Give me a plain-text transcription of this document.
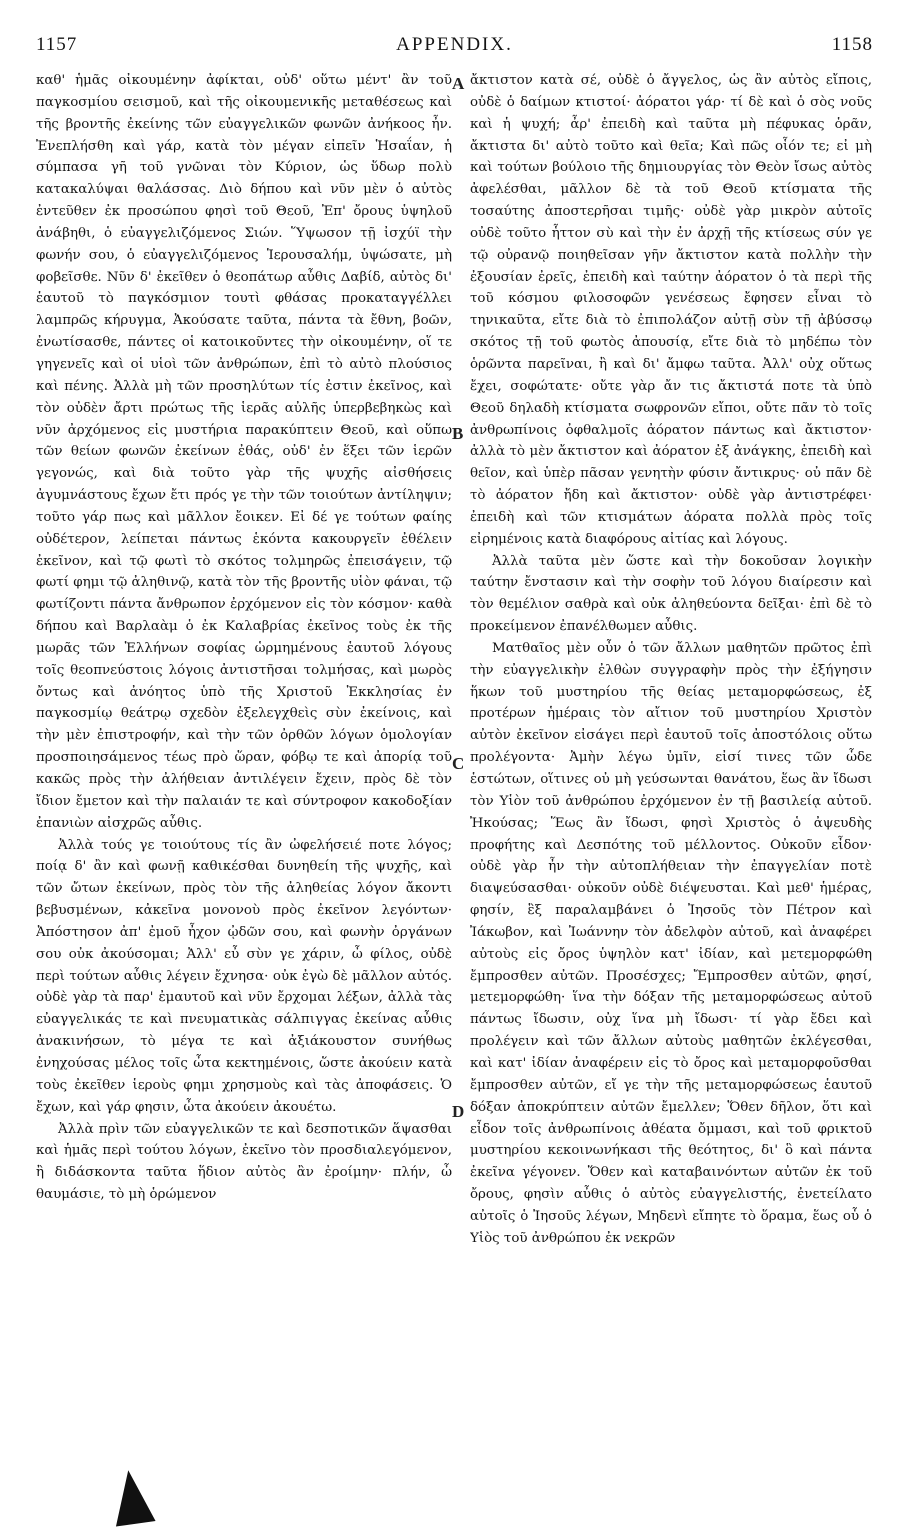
1157	APPENDIX.	1158
A
B
C
D

καθ' ἡμᾶς οἰκουμένην ἀφίκται, οὐδ' οὕτω μέντ' ἂν τοῦ παγκοσμίου σεισμοῦ, καὶ τῆς οἰκουμενικῆς μεταθέσεως καὶ τῆς βροντῆς ἐκείνης τῶν εὐαγγελικῶν φωνῶν ἀνήκοος ἦν. Ἐνεπλήσθη καὶ γάρ, κατὰ τὸν μέγαν εἰπεῖν Ἡσαΐαν, ἡ σύμπασα γῆ τοῦ γνῶναι τὸν Κύριον, ὡς ὕδωρ πολὺ κατακαλύψαι θαλάσσας. Διὸ δήπου καὶ νῦν μὲν ὁ αὐτὸς ἐντεῦθεν ἐκ προσώπου φησὶ τοῦ Θεοῦ, Ἐπ' ὄρους ὑψηλοῦ ἀνάβηθι, ὁ εὐαγγελιζόμενος Σιών. Ὕψωσον τῇ ἰσχύϊ τὴν φωνήν σου, ὁ εὐαγγελιζόμενος Ἱερουσαλήμ, ὑψώσατε, μὴ φοβεῖσθε. Νῦν δ' ἐκεῖθεν ὁ θεοπάτωρ αὖθις Δαβίδ, αὐτὸς δι' ἑαυτοῦ τὸ παγκόσμιον τουτὶ φθάσας προκαταγγέλλει λαμπρῶς κήρυγμα, Ἀκούσατε ταῦτα, πάντα τὰ ἔθνη, βοῶν, ἐνωτίσασθε, πάντες οἱ κατοικοῦντες τὴν οἰκουμένην, οἵ τε γηγενεῖς καὶ οἱ υἱοὶ τῶν ἀνθρώπων, ἐπὶ τὸ αὐτὸ πλούσιος καὶ πένης. Ἀλλὰ μὴ τῶν προσηλύτων τίς ἐστιν ἐκεῖνος, καὶ τὸν οὐδὲν ἄρτι πρώτως τῆς ἱερᾶς αὐλῆς ὑπερβεβηκὼς καὶ νῦν ἀρχόμενος εἰς μυστήρια παρακύπτειν Θεοῦ, καὶ οὕπω τῶν θείων φωνῶν ἐκείνων ἐθάς, οὐδ' ἐν ἕξει τῶν ἱερῶν γεγονώς, καὶ διὰ τοῦτο γὰρ τῆς ψυχῆς αἰσθήσεις ἀγυμνάστους ἔχων ἔτι πρός γε τὴν τῶν τοιούτων ἀντίληψιν; τοῦτο γάρ πως καὶ μᾶλλον ἔοικεν. Εἰ δέ γε τούτων φαίης οὐδέτερον, λείπεται πάντως ἑκόντα κακουργεῖν ἐθέλειν ἐκεῖνον, καὶ τῷ φωτὶ τὸ σκότος τολμηρῶς ἐπεισάγειν, τῷ φωτί φημι τῷ ἀληθινῷ, κατὰ τὸν τῆς βροντῆς υἱὸν φάναι, τῷ φωτίζοντι πάντα ἄνθρωπον ἐρχόμενον εἰς τὸν κόσμον· καθὰ δήπου καὶ Βαρλαὰμ ὁ ἐκ Καλαβρίας ἐκεῖνος τοὺς ἐκ τῆς μωρᾶς τῶν Ἑλλήνων σοφίας ὡρμημένους ἑαυτοῦ λόγους τοῖς θεοπνεύστοις λόγοις ἀντιστῆσαι τολμήσας, καὶ μωρὸς ὄντως καὶ ἀνόητος ὑπὸ τῆς Χριστοῦ Ἐκκλησίας ἐν παγκοσμίῳ θεάτρῳ σχεδὸν ἐξελεγχθεὶς σὺν ἐκείνοις, καὶ τὴν μὲν ἐπιστροφήν, καὶ τὴν τῶν ὀρθῶν λόγων ὁμολογίαν προσποιησάμενος τέως πρὸ ὥραν, φόβῳ τε καὶ ἀπορίᾳ τοῦ κακῶς πρὸς τὴν ἀλήθειαν ἀντιλέγειν ἔχειν, πρὸς δὲ τὸν ἴδιον ἔμετον καὶ τὴν παλαιάν τε καὶ σύντροφον κακοδοξίαν ἐπανιὼν αἰσχρῶς αὖθις.

Ἀλλὰ τούς γε τοιούτους τίς ἂν ὠφελήσειέ ποτε λόγος; ποίᾳ δ' ἂν καὶ φωνῇ καθικέσθαι δυνηθείη τῆς ψυχῆς, καὶ τῶν ὤτων ἐκείνων, πρὸς τὸν τῆς ἀληθείας λόγον ἄκοντι βεβυσμένων, κἀκεῖνα μονονοὺ πρὸς ἐκεῖνον λεγόντων· Ἀπόστησον ἀπ' ἐμοῦ ἦχον ᾠδῶν σου, καὶ φωνὴν ὀργάνων σου οὐκ ἀκούσομαι; Ἀλλ' εὖ σὺν γε χάριν, ὦ φίλος, οὐδὲ περὶ τούτων αὖθις λέγειν ἔχνησα· οὐκ ἐγὼ δὲ μᾶλλον αὐτός. οὐδὲ γὰρ τὰ παρ' ἐμαυτοῦ καὶ νῦν ἔρχομαι λέξων, ἀλλὰ τὰς εὐαγγελικάς τε καὶ πνευματικὰς σάλπιγγας ἐκείνας αὖθις ἀνακινήσων, τὸ μέγα τε καὶ ἀξιάκουστον συνήθως ἐνηχούσας μέλος τοῖς ὦτα κεκτημένοις, ὥστε ἀκούειν κατὰ τοὺς ἐκεῖθεν ἱεροὺς φημι χρησμοὺς καὶ τὰς ἀποφάσεις. Ὁ ἔχων, καὶ γάρ φησιν, ὦτα ἀκούειν ἀκουέτω.

Ἀλλὰ πρὶν τῶν εὐαγγελικῶν τε καὶ δεσποτικῶν ἅψασθαι καὶ ἡμᾶς περὶ τούτου λόγων, ἐκεῖνο τὸν προσδιαλεγόμενον, ἢ διδάσκοντα ταῦτα ἥδιον αὐτὸς ἂν ἐροίμην· πλήν, ὦ θαυμάσιε, τὸ μὴ ὁρώμενον

ἄκτιστον κατὰ σέ, οὐδὲ ὁ ἄγγελος, ὡς ἂν αὐτὸς εἴποις, οὐδὲ ὁ δαίμων κτιστοί· ἀόρατοι γάρ· τί δὲ καὶ ὁ σὸς νοῦς καὶ ἡ ψυχή; ἆρ' ἐπειδὴ καὶ ταῦτα μὴ πέφυκας ὁρᾶν, ἄκτιστα δι' αὐτὸ τοῦτο καὶ θεῖα; Καὶ πῶς οἷόν τε; εἰ μὴ καὶ τούτων βούλοιο τῆς δημιουργίας τὸν Θεὸν ἴσως αὐτὸς ἀφελέσθαι, μᾶλλον δὲ τὰ τοῦ Θεοῦ κτίσματα τῆς τοσαύτης ἀποστερῆσαι τιμῆς· οὐδὲ γὰρ μικρὸν αὐτοῖς οὐδὲ τοῦτο ἧττον σὺ καὶ τὴν ἐν ἀρχῇ τῆς κτίσεως σύν γε τῷ οὐρανῷ ποιηθεῖσαν γῆν ἄκτιστον κατὰ πολλὴν τὴν ἐξουσίαν ἐρεῖς, ἐπειδὴ καὶ ταύτην ἀόρατον ὁ τὰ περὶ τῆς τοῦ κόσμου φιλοσοφῶν γενέσεως ἔφησεν εἶναι τὸ τηνικαῦτα, εἴτε διὰ τὸ ἐπιπολάζον αὐτῇ σὺν τῇ ἀβύσσῳ σκότος τῇ τοῦ φωτὸς ἀπουσίᾳ, εἴτε διὰ τὸ μηδέπω τὸν ὁρῶντα παρεῖναι, ἢ καὶ δι' ἄμφω ταῦτα. Ἀλλ' οὐχ οὕτως ἔχει, σοφώτατε· οὔτε γὰρ ἄν τις ἄκτιστά ποτε τὰ ὑπὸ Θεοῦ δηλαδὴ κτίσματα σωφρονῶν εἴποι, οὔτε πᾶν τὸ τοῖς ἀνθρωπίνοις ὀφθαλμοῖς ἀόρατον πάντως καὶ ἄκτιστον· ἀλλὰ τὸ μὲν ἄκτιστον καὶ ἀόρατον ἐξ ἀνάγκης, ἐπειδὴ καὶ θεῖον, καὶ ὑπὲρ πᾶσαν γενητὴν φύσιν ἄντικρυς· οὐ πᾶν δὲ τὸ ἀόρατον ἤδη καὶ ἄκτιστον· οὐδὲ γὰρ ἀντιστρέφει· ἐπειδὴ καὶ τῶν κτισμάτων ἀόρατα πολλὰ πρὸς τοῖς εἰρημένοις κατὰ διαφόρους αἰτίας καὶ λόγους.

Ἀλλὰ ταῦτα μὲν ὥστε καὶ τὴν δοκοῦσαν λογικὴν ταύτην ἔνστασιν καὶ τὴν σοφὴν τοῦ λόγου διαίρεσιν καὶ τὸν θεμέλιον σαθρὰ καὶ οὐκ ἀληθεύοντα δεῖξαι· ἐπὶ δὲ τὸ προκείμενον ἐπανέλθωμεν αὖθις.

Ματθαῖος μὲν οὖν ὁ τῶν ἄλλων μαθητῶν πρῶτος ἐπὶ τὴν εὐαγγελικὴν ἐλθὼν συγγραφὴν πρὸς τὴν ἐξήγησιν ἥκων τοῦ μυστηρίου τῆς θείας μεταμορφώσεως, ἐξ προτέρων ἡμέραις τὸν αἴτιον τοῦ μυστηρίου Χριστὸν αὐτὸν ἐκεῖνον εἰσάγει περὶ ἑαυτοῦ τοῖς ἀποστόλοις οὕτω προλέγοντα· Ἀμὴν λέγω ὑμῖν, εἰσί τινες τῶν ὧδε ἑστώτων, οἵτινες οὐ μὴ γεύσωνται θανάτου, ἕως ἂν ἴδωσι τὸν Υἱὸν τοῦ ἀνθρώπου ἐρχόμενον ἐν τῇ βασιλείᾳ αὐτοῦ. Ἠκούσας; Ἕως ἂν ἴδωσι, φησὶ Χριστὸς ὁ ἀψευδὴς προφήτης καὶ Δεσπότης τοῦ μέλλοντος. Οὐκοῦν εἶδον· οὐδὲ γὰρ ἦν τὴν αὐτοπλήθειαν τὴν ἐπαγγελίαν ποτὲ διαψεύσασθαι· οὐκοῦν οὐδὲ διέψευσται. Καὶ μεθ' ἡμέρας, φησίν, ἓξ παραλαμβάνει ὁ Ἰησοῦς τὸν Πέτρον καὶ Ἰάκωβον, καὶ Ἰωάννην τὸν ἀδελφὸν αὐτοῦ, καὶ ἀναφέρει αὐτοὺς εἰς ὄρος ὑψηλὸν κατ' ἰδίαν, καὶ μετεμορφώθη ἔμπροσθεν αὐτῶν. Προσέσχες; Ἔμπροσθεν αὐτῶν, φησί, μετεμορφώθη· ἵνα τὴν δόξαν τῆς μεταμορφώσεως αὐτοῦ πάντως ἴδωσιν, οὐχ ἵνα μὴ ἴδωσι· τί γὰρ ἔδει καὶ προλέγειν καὶ τῶν ἄλλων αὐτοὺς μαθητῶν ἐκλέγεσθαι, καὶ κατ' ἰδίαν ἀναφέρειν εἰς τὸ ὄρος καὶ μεταμορφοῦσθαι ἔμπροσθεν αὐτῶν, εἴ γε τὴν τῆς μεταμορφώσεως ἑαυτοῦ δόξαν ἀποκρύπτειν αὐτῶν ἔμελλεν; Ὅθεν δῆλον, ὅτι καὶ εἶδον τοῖς ἀνθρωπίνοις ἀθέατα ὄμμασι, καὶ τοῦ φρικτοῦ μυστηρίου κεκοινωνήκασι τῆς θεότητος, δι' ὃ καὶ πάντα ἐκεῖνα γέγονεν. Ὅθεν καὶ καταβαινόντων αὐτῶν ἐκ τοῦ ὄρους, φησὶν αὖθις ὁ αὐτὸς εὐαγγελιστής, ἐνετείλατο αὐτοῖς ὁ Ἰησοῦς λέγων, Μηδενὶ εἴπητε τὸ ὅραμα, ἕως οὗ ὁ Υἱὸς τοῦ ἀνθρώπου ἐκ νεκρῶν
